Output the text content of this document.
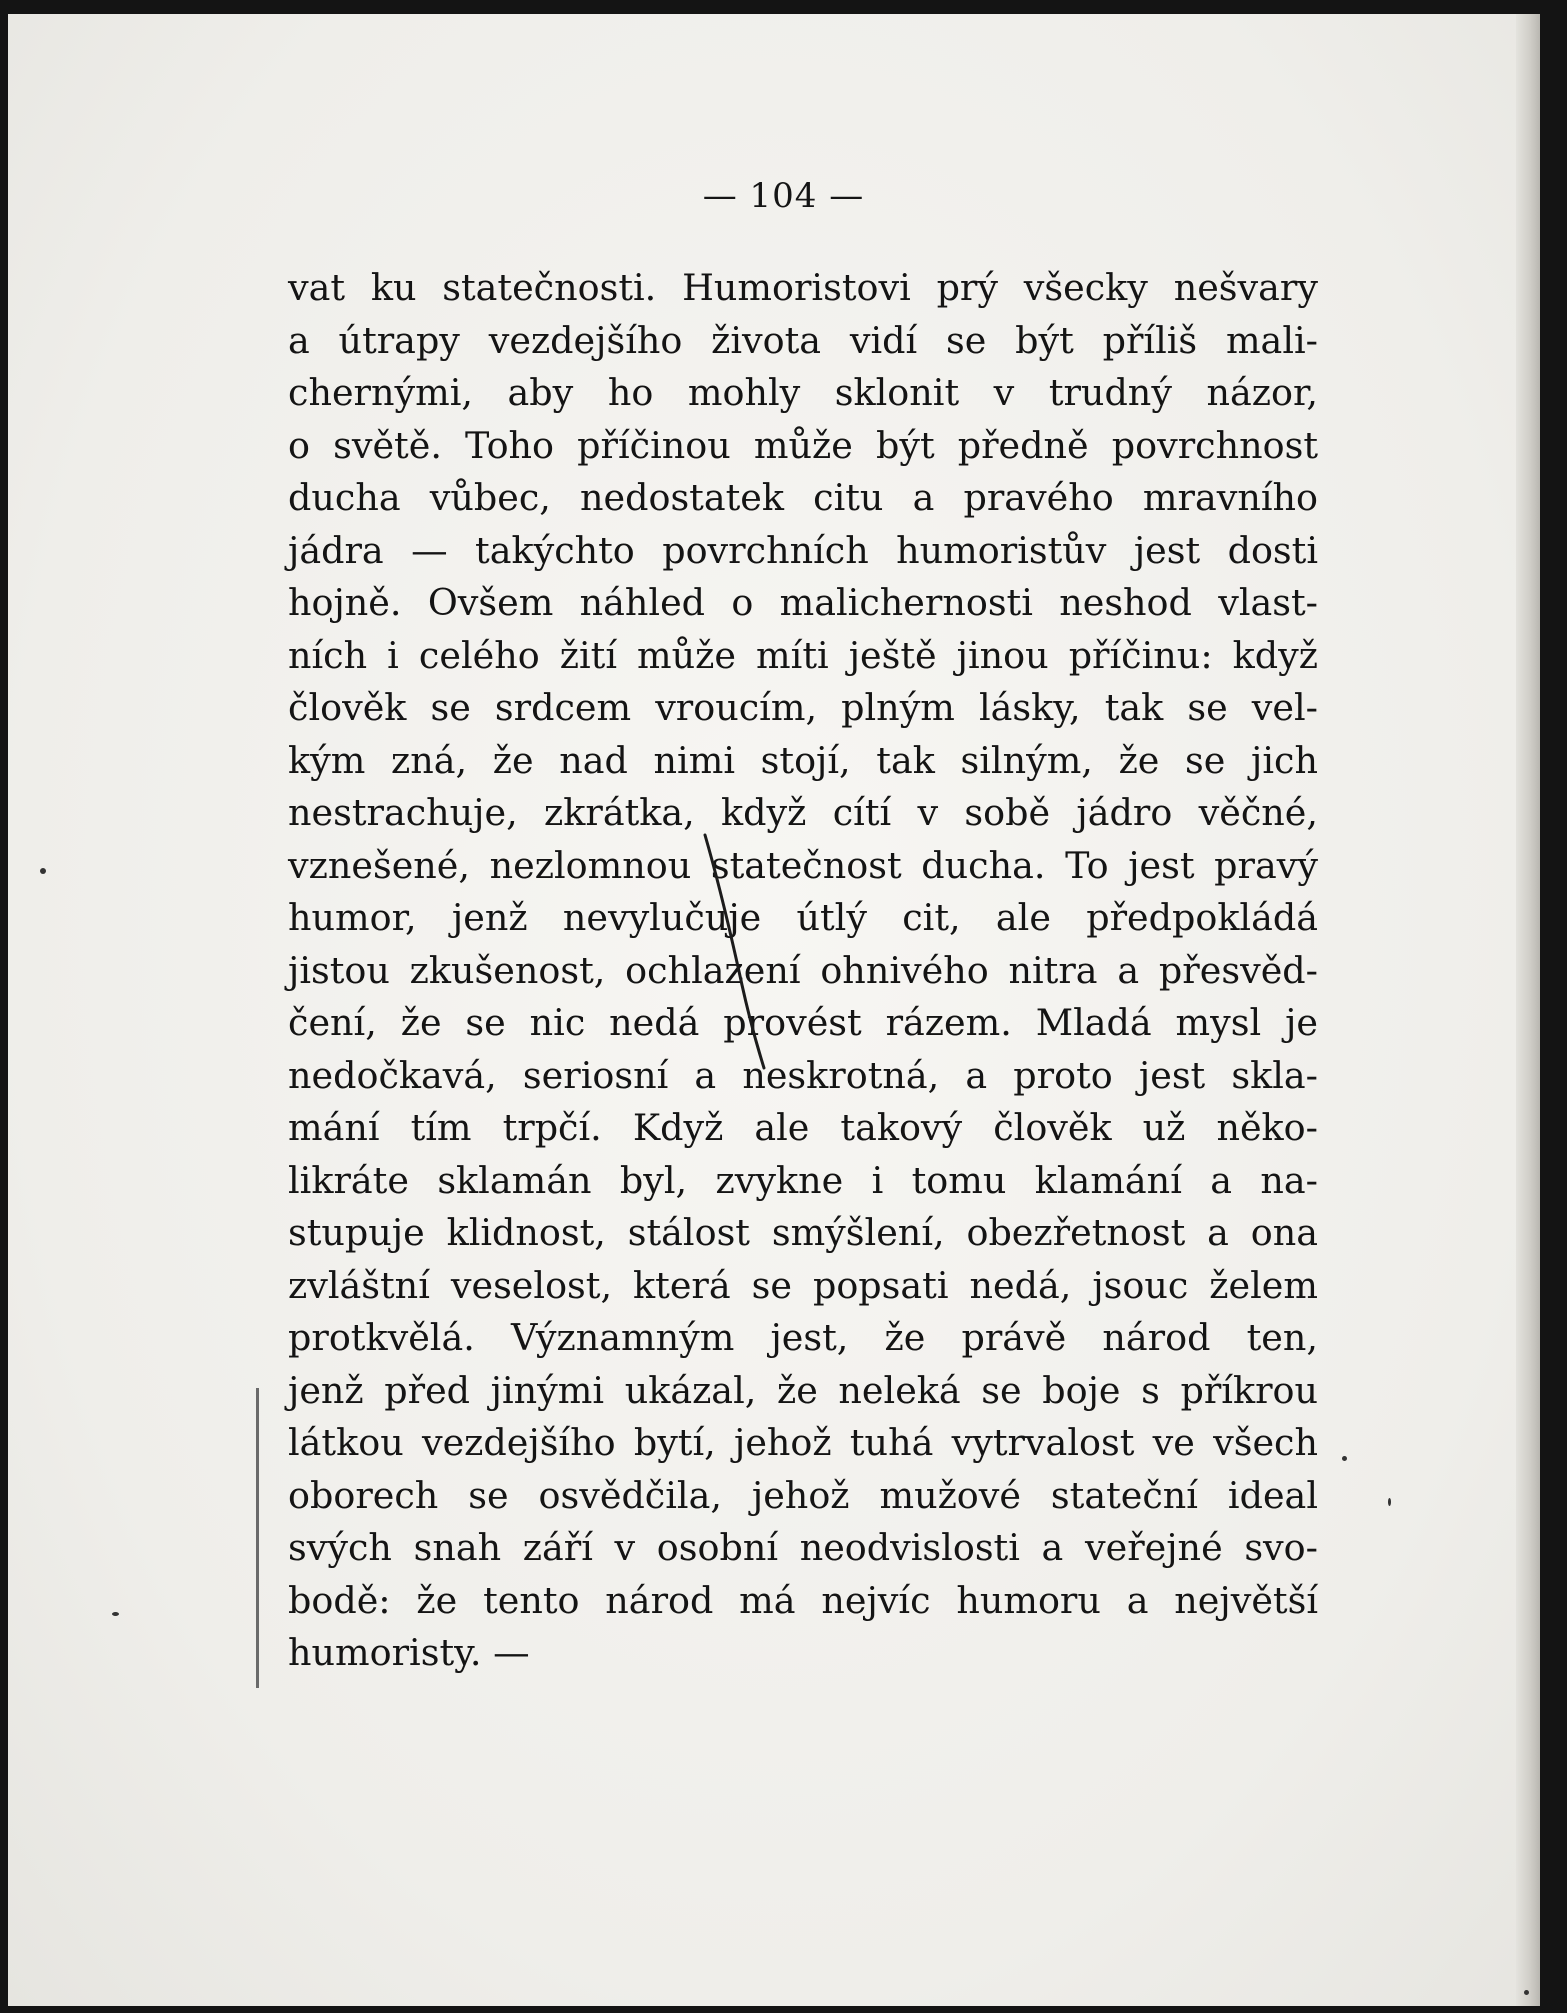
— 104 —
vat ku statečnosti. Humoristovi prý všecky nešvary
a útrapy vezdejšího života vidí se být příliš mali-
chernými, aby ho mohly sklonit v trudný názor,
o světě. Toho příčinou může být předně povrchnost
ducha vůbec, nedostatek citu a pravého mravního
jádra — takýchto povrchních humoristův jest dosti
hojně. Ovšem náhled o malichernosti neshod vlast-
ních i celého žití může míti ještě jinou příčinu: když
člověk se srdcem vroucím, plným lásky, tak se vel-
kým zná, že nad nimi stojí, tak silným, že se jich
nestrachuje, zkrátka, když cítí v sobě jádro věčné,
vznešené, nezlomnou statečnost ducha. To jest pravý
humor, jenž nevylučuje útlý cit, ale předpokládá
jistou zkušenost, ochlazení ohnivého nitra a přesvěd-
čení, že se nic nedá provést rázem. Mladá mysl je
nedočkavá, seriosní a neskrotná, a proto jest skla-
mání tím trpčí. Když ale takový člověk už něko-
likráte sklamán byl, zvykne i tomu klamání a na-
stupuje klidnost, stálost smýšlení, obezřetnost a ona
zvláštní veselost, která se popsati nedá, jsouc želem
protkvělá. Významným jest, že právě národ ten,
jenž před jinými ukázal, že neleká se boje s příkrou
látkou vezdejšího bytí, jehož tuhá vytrvalost ve všech
oborech se osvědčila, jehož mužové stateční ideal
svých snah září v osobní neodvislosti a veřejné svo-
bodě: že tento národ má nejvíc humoru a největší
humoristy. —
